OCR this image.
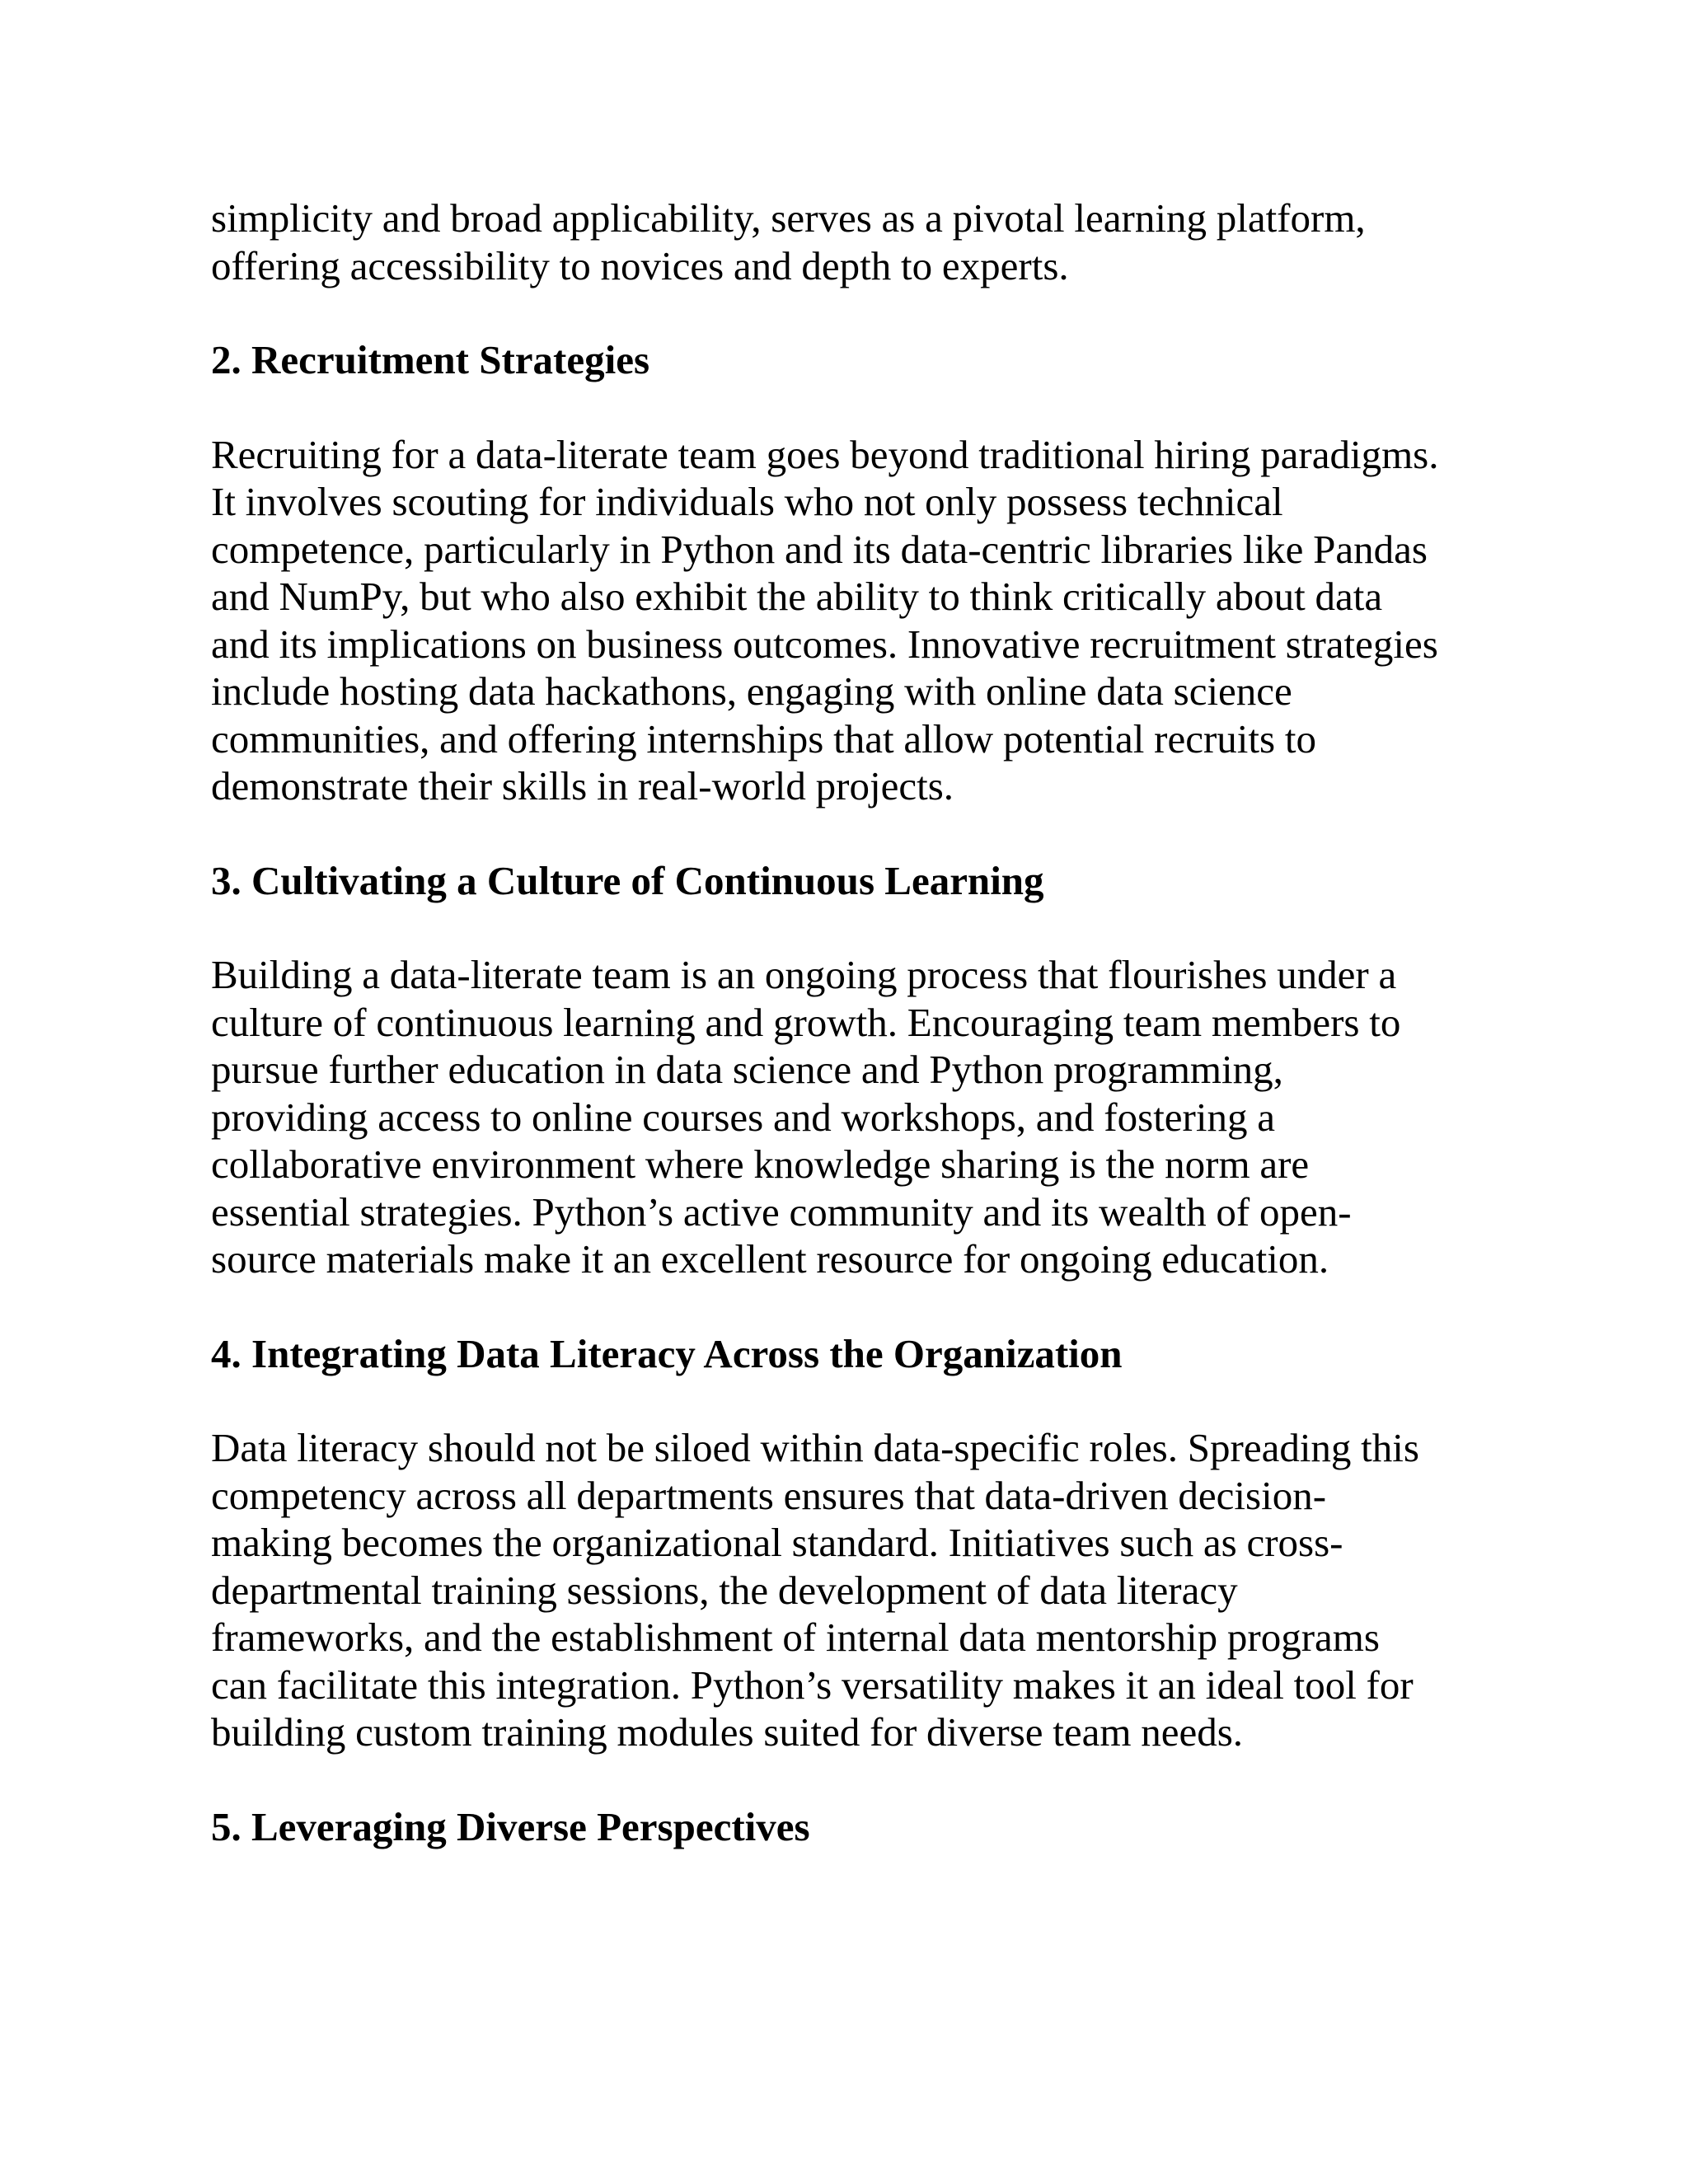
simplicity and broad applicability, serves as a pivotal learning platform,
offering accessibility to novices and depth to experts.

2. Recruitment Strategies

Recruiting for a data-literate team goes beyond traditional hiring paradigms.
It involves scouting for individuals who not only possess technical
competence, particularly in Python and its data-centric libraries like Pandas
and NumPy, but who also exhibit the ability to think critically about data
and its implications on business outcomes. Innovative recruitment strategies
include hosting data hackathons, engaging with online data science
communities, and offering internships that allow potential recruits to
demonstrate their skills in real-world projects.

3. Cultivating a Culture of Continuous Learning

Building a data-literate team is an ongoing process that flourishes under a
culture of continuous learning and growth. Encouraging team members to
pursue further education in data science and Python programming,
providing access to online courses and workshops, and fostering a
collaborative environment where knowledge sharing is the norm are
essential strategies. Python’s active community and its wealth of open-
source materials make it an excellent resource for ongoing education.

4. Integrating Data Literacy Across the Organization

Data literacy should not be siloed within data-specific roles. Spreading this
competency across all departments ensures that data-driven decision-
making becomes the organizational standard. Initiatives such as cross-
departmental training sessions, the development of data literacy
frameworks, and the establishment of internal data mentorship programs
can facilitate this integration. Python’s versatility makes it an ideal tool for
building custom training modules suited for diverse team needs.

5. Leveraging Diverse Perspectives
